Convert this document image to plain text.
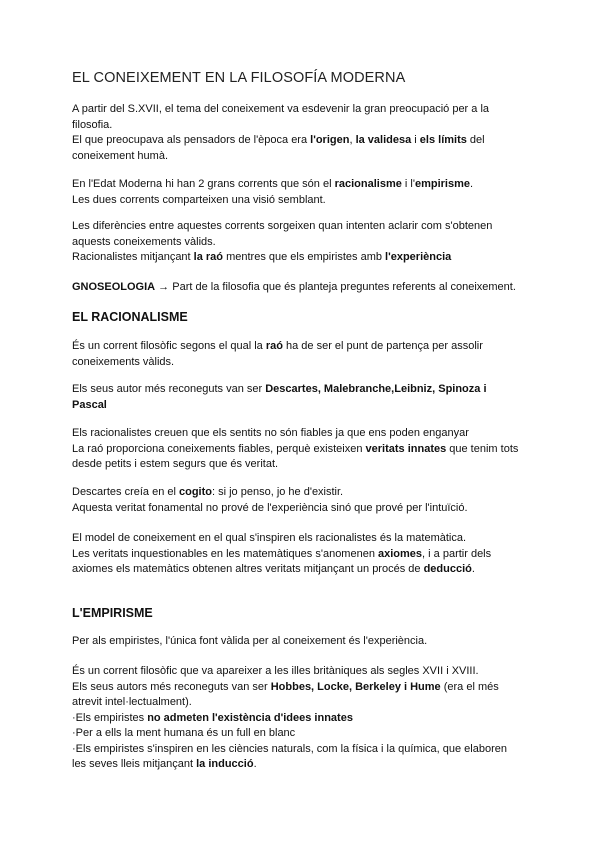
EL CONEIXEMENT EN LA FILOSOFÍA MODERNA
A partir del S.XVII, el tema del coneixement va esdevenir la gran preocupació per a la
filosofia.
El que preocupava als pensadors de l'època era l'origen, la validesa i els límits del
coneixement humà.
En l'Edat Moderna hi han 2 grans corrents que són el racionalisme i l'empirisme.
Les dues corrents comparteixen una visió semblant.
Les diferències entre aquestes corrents sorgeixen quan intenten aclarir com s'obtenen
aquests coneixements vàlids.
Racionalistes mitjançant la raó mentres que els empiristes amb l'experiència
GNOSEOLOGIA → Part de la filosofia que és planteja preguntes referents al coneixement.
EL RACIONALISME
És un corrent filosòfic segons el qual la raó ha de ser el punt de partença per assolir
coneixements vàlids.
Els seus autor més reconeguts van ser Descartes, Malebranche,Leibniz, Spinoza i
Pascal
Els racionalistes creuen que els sentits no són fiables ja que ens poden enganyar
La raó proporciona coneixements fiables, perquè existeixen veritats innates que tenim tots
desde petits i estem segurs que és veritat.
Descartes creía en el cogito: si jo penso, jo he d'existir.
Aquesta veritat fonamental no prové de l'experiència sinó que prové per l'intuïció.
El model de coneixement en el qual s'inspiren els racionalistes és la matemàtica.
Les veritats inquestionables en les matemàtiques s'anomenen axiomes, i a partir dels
axiomes els matemàtics obtenen altres veritats mitjançant un procés de deducció.
L'EMPIRISME
Per als empiristes, l'única font vàlida per al coneixement és l'experiència.
És un corrent filosòfic que va apareixer a les illes britàniques als segles XVII i XVIII.
Els seus autors més reconeguts van ser Hobbes, Locke, Berkeley i Hume (era el més
atrevit intel·lectualment).
·Els empiristes no admeten l'existència d'idees innates
·Per a ells la ment humana és un full en blanc
·Els empiristes s'inspiren en les ciències naturals, com la física i la química, que elaboren
les seves lleis mitjançant la inducció.
